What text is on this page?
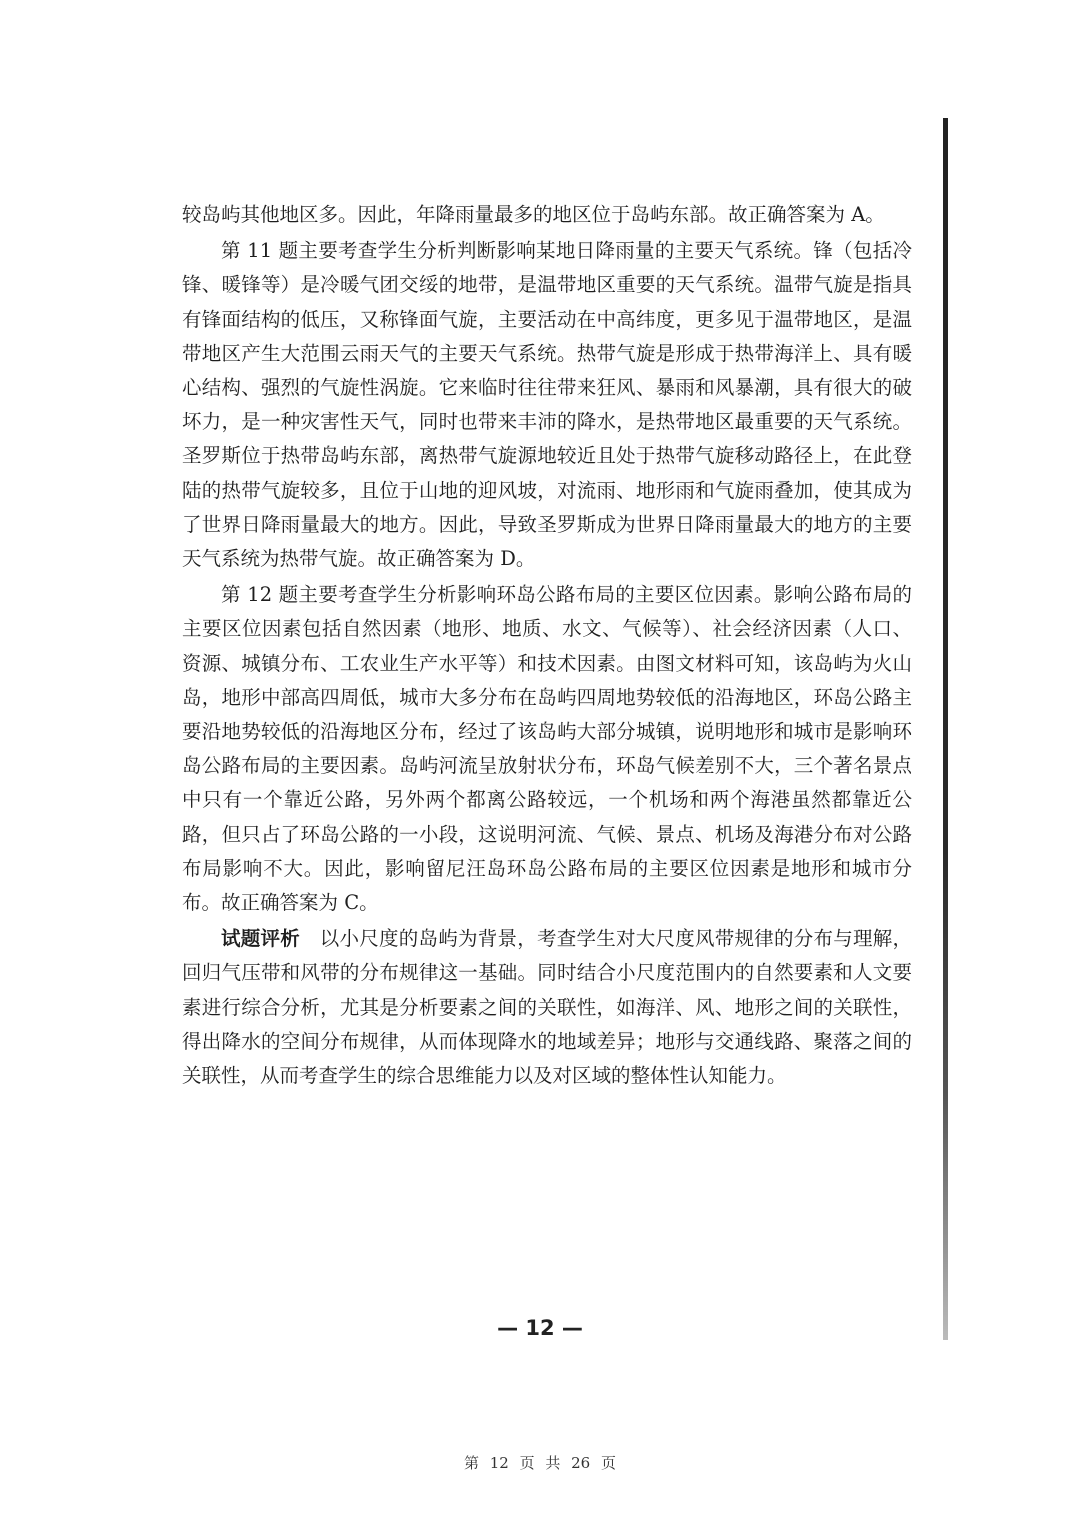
较岛屿其他地区多。因此，年降雨量最多的地区位于岛屿东部。故正确答案为 A。

第 11 题主要考查学生分析判断影响某地日降雨量的主要天气系统。锋（包括冷锋、暖锋等）是冷暖气团交绥的地带，是温带地区重要的天气系统。温带气旋是指具有锋面结构的低压，又称锋面气旋，主要活动在中高纬度，更多见于温带地区，是温带地区产生大范围云雨天气的主要天气系统。热带气旋是形成于热带海洋上、具有暖心结构、强烈的气旋性涡旋。它来临时往往带来狂风、暴雨和风暴潮，具有很大的破坏力，是一种灾害性天气，同时也带来丰沛的降水，是热带地区最重要的天气系统。圣罗斯位于热带岛屿东部，离热带气旋源地较近且处于热带气旋移动路径上，在此登陆的热带气旋较多，且位于山地的迎风坡，对流雨、地形雨和气旋雨叠加，使其成为了世界日降雨量最大的地方。因此，导致圣罗斯成为世界日降雨量最大的地方的主要天气系统为热带气旋。故正确答案为 D。

第 12 题主要考查学生分析影响环岛公路布局的主要区位因素。影响公路布局的主要区位因素包括自然因素（地形、地质、水文、气候等）、社会经济因素（人口、资源、城镇分布、工农业生产水平等）和技术因素。由图文材料可知，该岛屿为火山岛，地形中部高四周低，城市大多分布在岛屿四周地势较低的沿海地区，环岛公路主要沿地势较低的沿海地区分布，经过了该岛屿大部分城镇，说明地形和城市是影响环岛公路布局的主要因素。岛屿河流呈放射状分布，环岛气候差别不大，三个著名景点中只有一个靠近公路，另外两个都离公路较远，一个机场和两个海港虽然都靠近公路，但只占了环岛公路的一小段，这说明河流、气候、景点、机场及海港分布对公路布局影响不大。因此，影响留尼汪岛环岛公路布局的主要区位因素是地形和城市分布。故正确答案为 C。

试题评析　 以小尺度的岛屿为背景，考查学生对大尺度风带规律的分布与理解，回归气压带和风带的分布规律这一基础。同时结合小尺度范围内的自然要素和人文要素进行综合分析，尤其是分析要素之间的关联性，如海洋、风、地形之间的关联性，得出降水的空间分布规律，从而体现降水的地域差异；地形与交通线路、聚落之间的关联性，从而考查学生的综合思维能力以及对区域的整体性认知能力。

— 12 —
第 12 页 共 26 页
